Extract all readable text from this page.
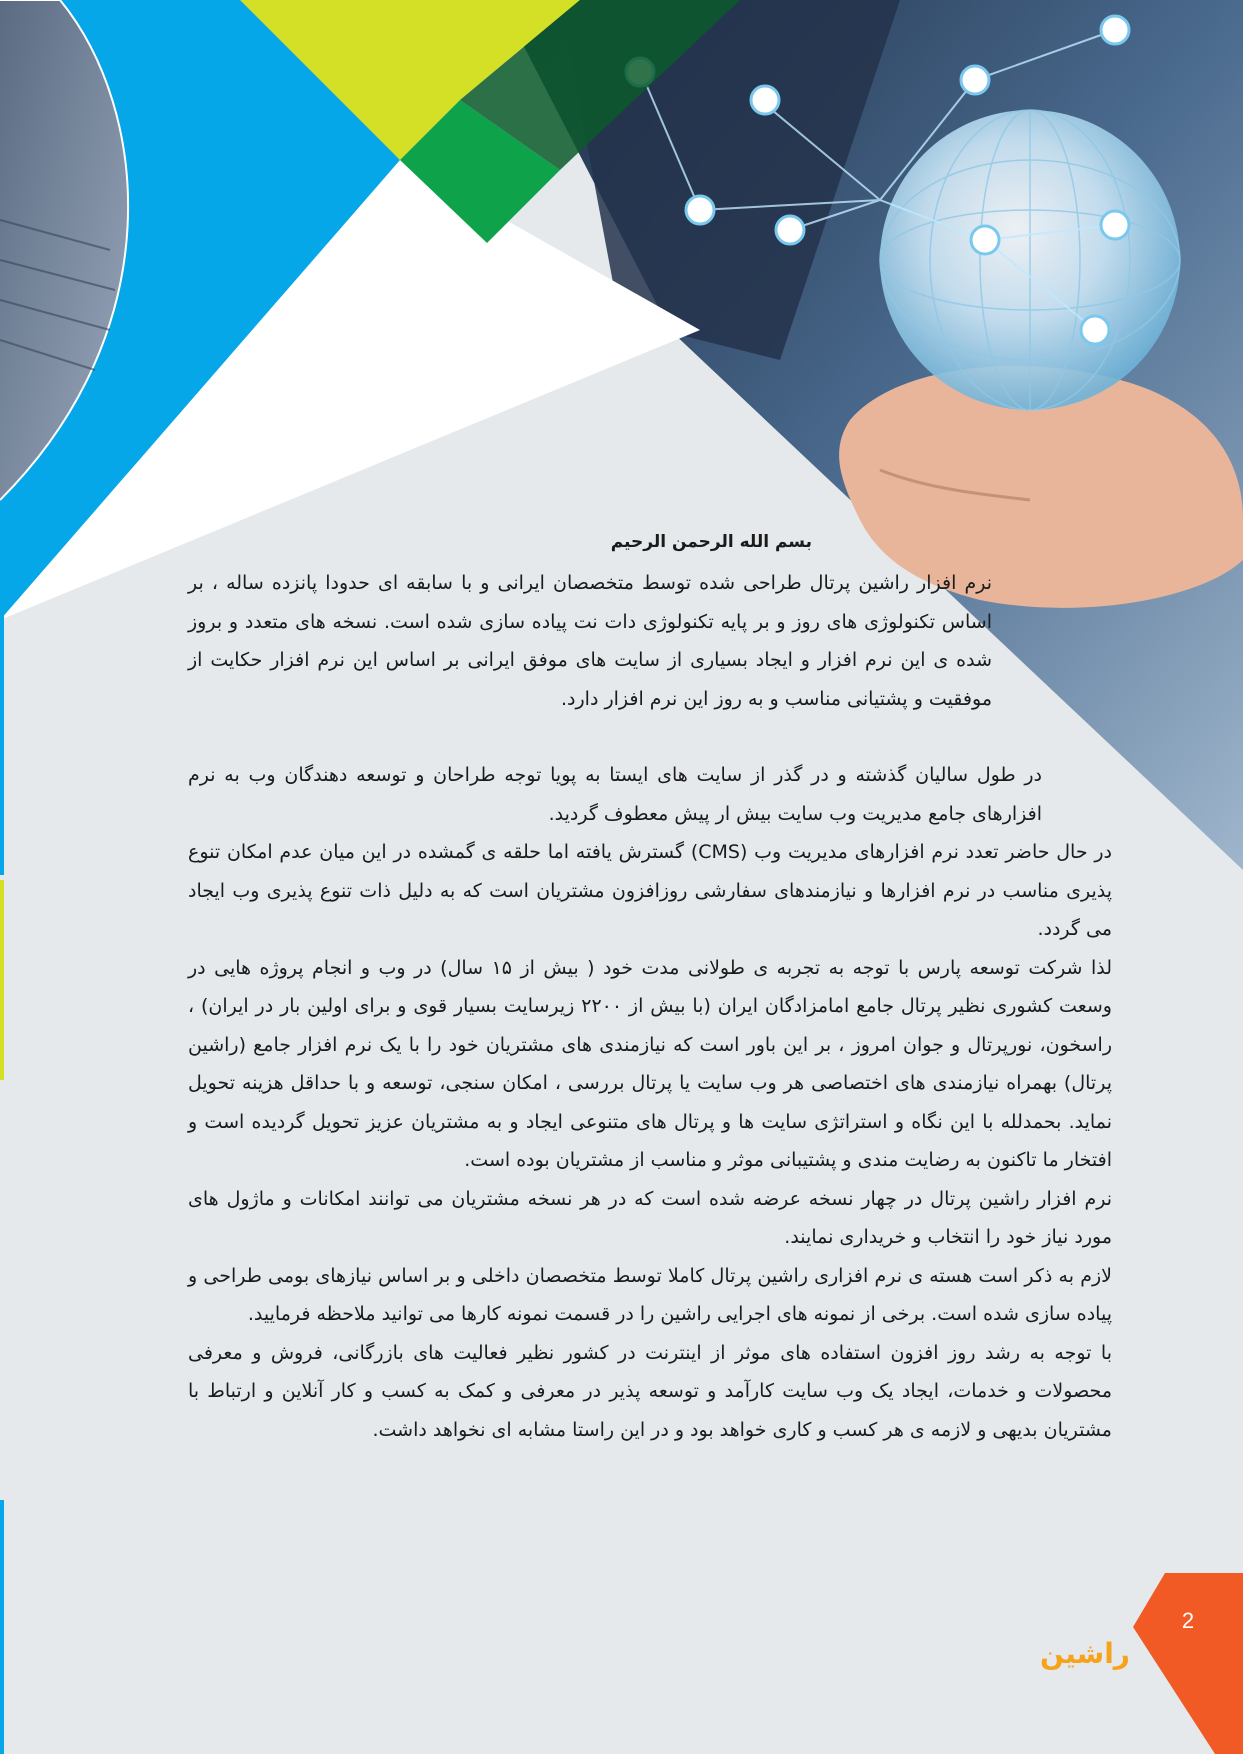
بسم الله الرحمن الرحیم

نرم افزار راشین پرتال طراحی شده توسط متخصصان ایرانی و با سابقه ای حدودا پانزده ساله ، بر اساس تکنولوژی های روز و بر پایه تکنولوژی دات نت پیاده سازی شده است. نسخه های متعدد و بروز شده ی این نرم افزار و ایجاد بسیاری از سایت های موفق ایرانی بر اساس این نرم افزار حکایت از موفقیت و پشتیانی مناسب و به روز این نرم افزار دارد.

در طول سالیان گذشته و در گذر از سایت های ایستا به پویا توجه طراحان و توسعه دهندگان وب به نرم افزارهای جامع مدیریت وب سایت بیش ار پیش معطوف گردید.

در حال حاضر تعدد نرم افزارهای مدیریت وب (CMS) گسترش یافته اما حلقه ی گمشده در این میان عدم امکان تنوع پذیری مناسب در نرم افزارها و نیازمندهای سفارشی روزافزون مشتریان است که به دلیل ذات تنوع پذیری وب ایجاد می گردد.

لذا شرکت توسعه پارس با توجه به تجربه ی طولانی مدت خود ( بیش از ۱۵ سال) در وب و انجام پروژه هایی در وسعت کشوری نظیر پرتال جامع امامزادگان ایران (با بیش از ۲۲۰۰ زیرسایت بسیار قوی و برای اولین بار در ایران) ، راسخون، نورپرتال و جوان امروز ، بر این باور است که نیازمندی های مشتریان خود را با یک نرم افزار جامع (راشین پرتال) بهمراه نیازمندی های اختصاصی هر وب سایت یا پرتال بررسی ، امکان سنجی، توسعه و با حداقل هزینه تحویل نماید. بحمدلله با این نگاه و استراتژی سایت ها و پرتال های متنوعی ایجاد و به مشتریان عزیز تحویل گردیده است و افتخار ما تاکنون به رضایت مندی و پشتیبانی موثر و مناسب از مشتریان بوده است.

نرم افزار راشین پرتال در چهار نسخه عرضه شده است که در هر نسخه مشتریان می توانند امکانات و ماژول های مورد نیاز خود را انتخاب و خریداری نمایند.

لازم به ذکر است هسته ی نرم افزاری راشین پرتال کاملا توسط متخصصان داخلی و بر اساس نیازهای بومی طراحی و پیاده سازی شده است. برخی از نمونه های اجرایی راشین را در قسمت نمونه کارها می توانید ملاحظه فرمایید.

با توجه به رشد روز افزون استفاده های موثر از اینترنت در کشور نظیر فعالیت های بازرگانی، فروش و معرفی محصولات و خدمات، ایجاد یک وب سایت کارآمد و توسعه پذیر در معرفی و کمک به کسب و کار آنلاین و ارتباط با مشتریان بدیهی و لازمه ی هر کسب و کاری خواهد بود و در این راستا مشابه ای نخواهد داشت.

2
راشین
